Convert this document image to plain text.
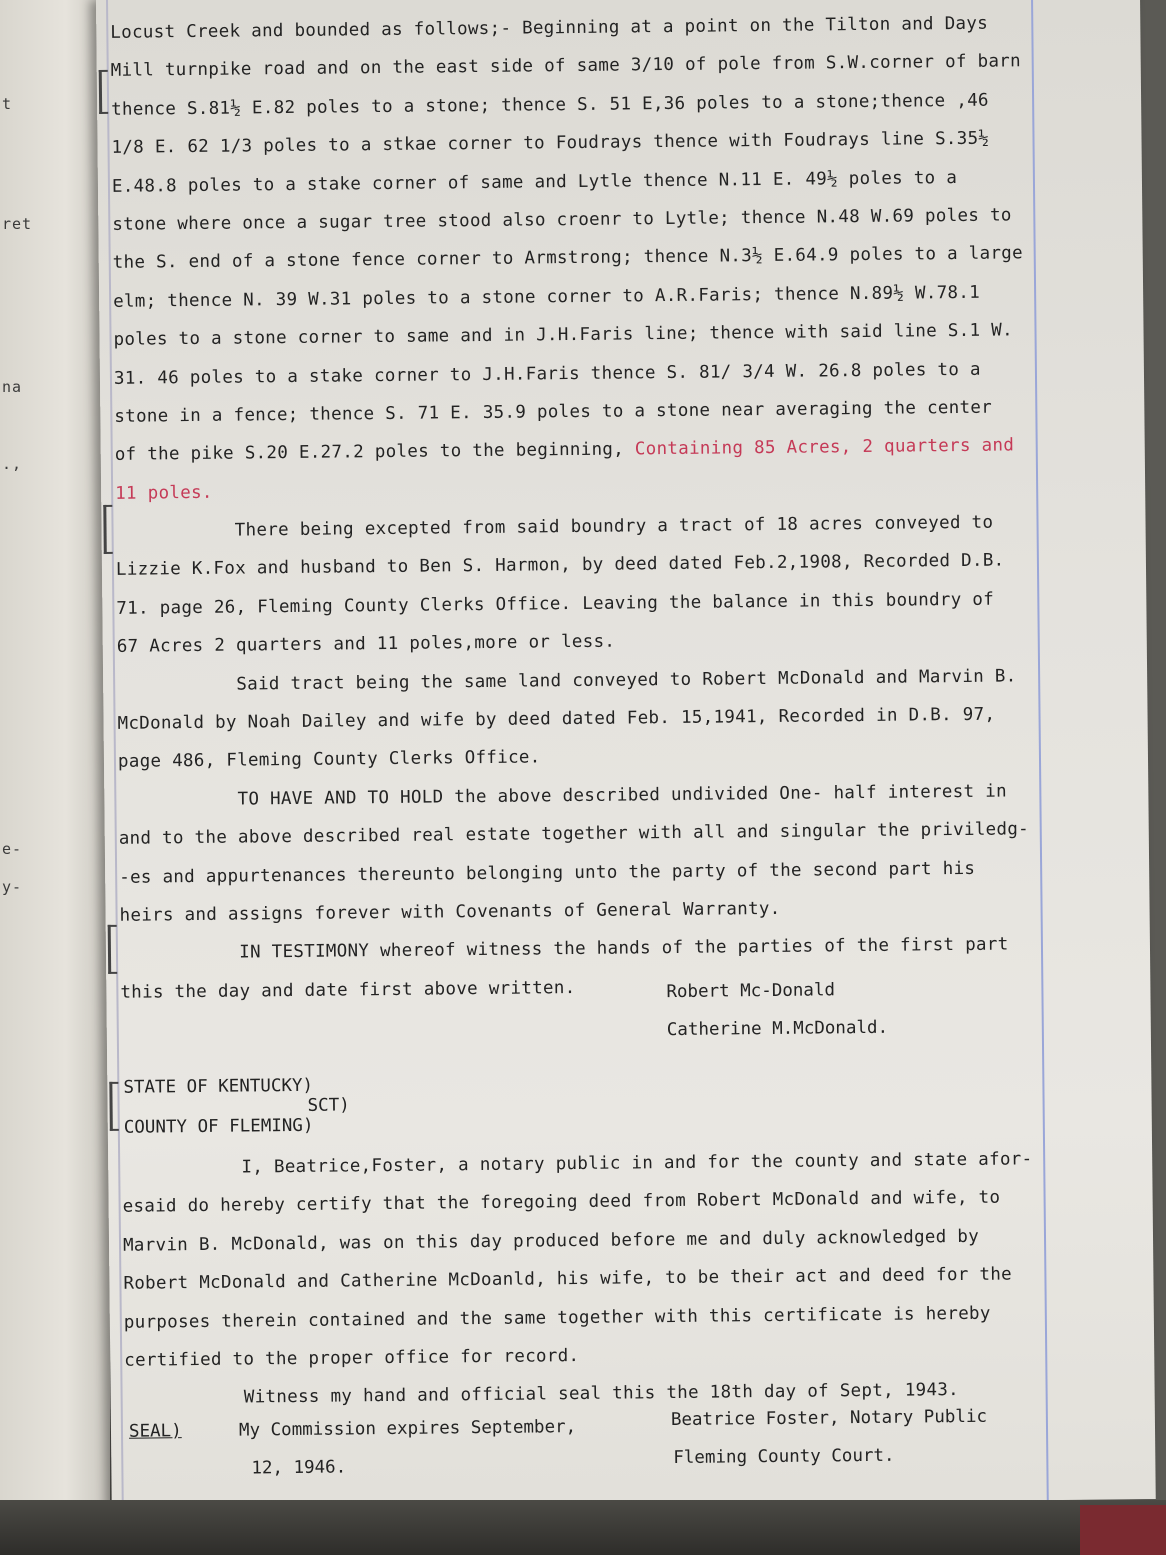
t
ret
na
.,
e-
y-
Locust Creek and bounded as follows;- Beginning at a point on the Tilton and Days
Mill turnpike road and on the east side of same 3/10 of pole from S.W.corner of barn
thence S.81½ E.82 poles to a stone; thence S. 51 E,36 poles to a stone;thence ,46
1/8 E. 62 1/3 poles to a stkae corner to Foudrays thence with Foudrays line S.35½
E.48.8 poles to a stake corner of same and Lytle thence N.11 E. 49½ poles to a
stone where once a sugar tree stood also croenr to Lytle; thence N.48 W.69 poles to
the S. end of a stone fence corner to Armstrong; thence N.3½ E.64.9 poles to a large
elm; thence N. 39 W.31 poles to a stone corner to A.R.Faris; thence N.89½ W.78.1
poles to a stone corner to same and in J.H.Faris line; thence with said line S.1 W.
31. 46 poles to a stake corner to J.H.Faris thence S. 81/ 3/4 W. 26.8 poles to a
stone in a fence; thence S. 71 E. 35.9 poles to a stone near averaging the center
of the pike S.20 E.27.2 poles to the beginning, Containing 85 Acres, 2 quarters and
11 poles.
There being excepted from said boundry a tract of 18 acres conveyed to
Lizzie K.Fox and husband to Ben S. Harmon, by deed dated Feb.2,1908, Recorded D.B.
71. page 26, Fleming County Clerks Office. Leaving the balance in this boundry of
67 Acres 2 quarters and 11 poles,more or less.
Said tract being the same land conveyed to Robert McDonald and Marvin B.
McDonald by Noah Dailey and wife by deed dated Feb. 15,1941, Recorded in D.B. 97,
page 486, Fleming County Clerks Office.
TO HAVE AND TO HOLD the above described undivided One- half interest in
and to the above described real estate together with all and singular the priviledg-
-es and appurtenances thereunto belonging unto the party of the second part his
heirs and assigns forever with Covenants of General Warranty.
IN TESTIMONY whereof witness the hands of the parties of the first part
this the day and date first above written.	Robert Mc-Donald
Catherine M.McDonald.
STATE OF KENTUCKY)
SCT)
COUNTY OF FLEMING)
I, Beatrice,Foster, a notary public in and for the county and state afor-
esaid do hereby certify that the foregoing deed from Robert McDonald and wife, to
Marvin B. McDonald, was on this day produced before me and duly acknowledged by
Robert McDonald and Catherine McDoanld, his wife, to be their act and deed for the
purposes therein contained and the same together with this certificate is hereby
certified to the proper office for record.
Witness my hand and official seal this the 18th day of Sept, 1943.
SEAL)	My Commission expires September,
12, 1946.
Beatrice Foster, Notary Public
Fleming County Court.
